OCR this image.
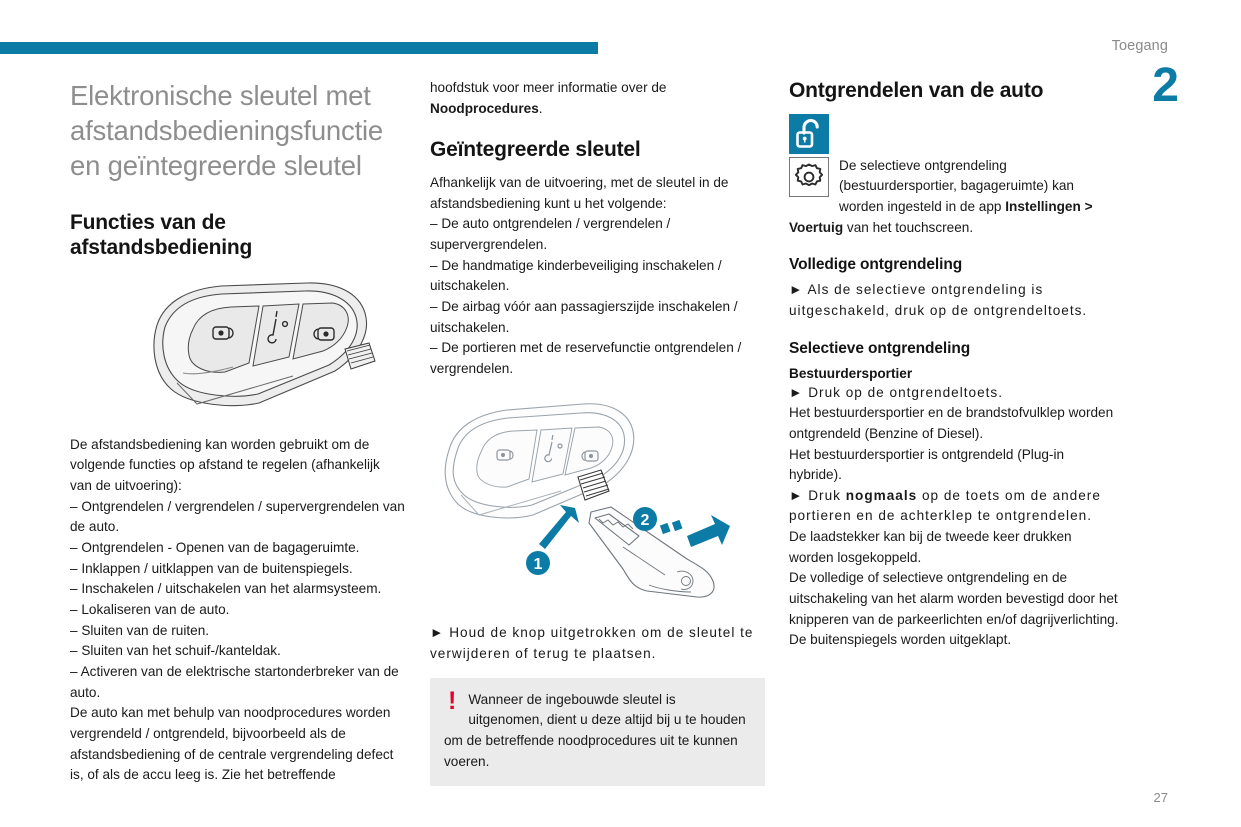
Toegang
2
27
Elektronische sleutel met afstandsbedieningsfunctie en geïntegreerde sleutel
Functies van de afstandsbediening

De afstandsbediening kan worden gebruikt om de volgende functies op afstand te regelen (afhankelijk van de uitvoering):

– Ontgrendelen / vergrendelen / supervergrendelen van de auto.

– Ontgrendelen - Openen van de bagageruimte.

– Inklappen / uitklappen van de buitenspiegels.

– Inschakelen / uitschakelen van het alarmsysteem.

– Lokaliseren van de auto.

– Sluiten van de ruiten.

– Sluiten van het schuif-/kanteldak.

– Activeren van de elektrische startonderbreker van de auto.

De auto kan met behulp van noodprocedures worden vergrendeld / ontgrendeld, bijvoorbeeld als de afstandsbediening of de centrale vergrendeling defect is, of als de accu leeg is. Zie het betreffende

hoofdstuk voor meer informatie over de Noodprocedures.

Geïntegreerde sleutel

Afhankelijk van de uitvoering, met de sleutel in de afstandsbediening kunt u het volgende:

– De auto ontgrendelen / vergrendelen / supervergrendelen.

– De handmatige kinderbeveiliging inschakelen / uitschakelen.

– De airbag vóór aan passagierszijde inschakelen / uitschakelen.

– De portieren met de reservefunctie ontgrendelen / vergrendelen.

1
2

► Houd de knop uitgetrokken om de sleutel te verwijderen of terug te plaatsen.

! Wanneer de ingebouwde sleutel is uitgenomen, dient u deze altijd bij u te houden om de betreffende noodprocedures uit te kunnen voeren.
Ontgrendelen van de auto

De selectieve ontgrendeling (bestuurdersportier, bagageruimte) kan worden ingesteld in de app Instellingen > Voertuig van het touchscreen.

Volledige ontgrendeling

► Als de selectieve ontgrendeling is uitgeschakeld, druk op de ontgrendeltoets.

Selectieve ontgrendeling
Bestuurdersportier

► Druk op de ontgrendeltoets.

Het bestuurdersportier en de brandstofvulklep worden ontgrendeld (Benzine of Diesel).

Het bestuurdersportier is ontgrendeld (Plug-in hybride).

► Druk nogmaals op de toets om de andere portieren en de achterklep te ontgrendelen.

De laadstekker kan bij de tweede keer drukken worden losgekoppeld.

De volledige of selectieve ontgrendeling en de uitschakeling van het alarm worden bevestigd door het knipperen van de parkeerlichten en/of dagrijverlichting.

De buitenspiegels worden uitgeklapt.
